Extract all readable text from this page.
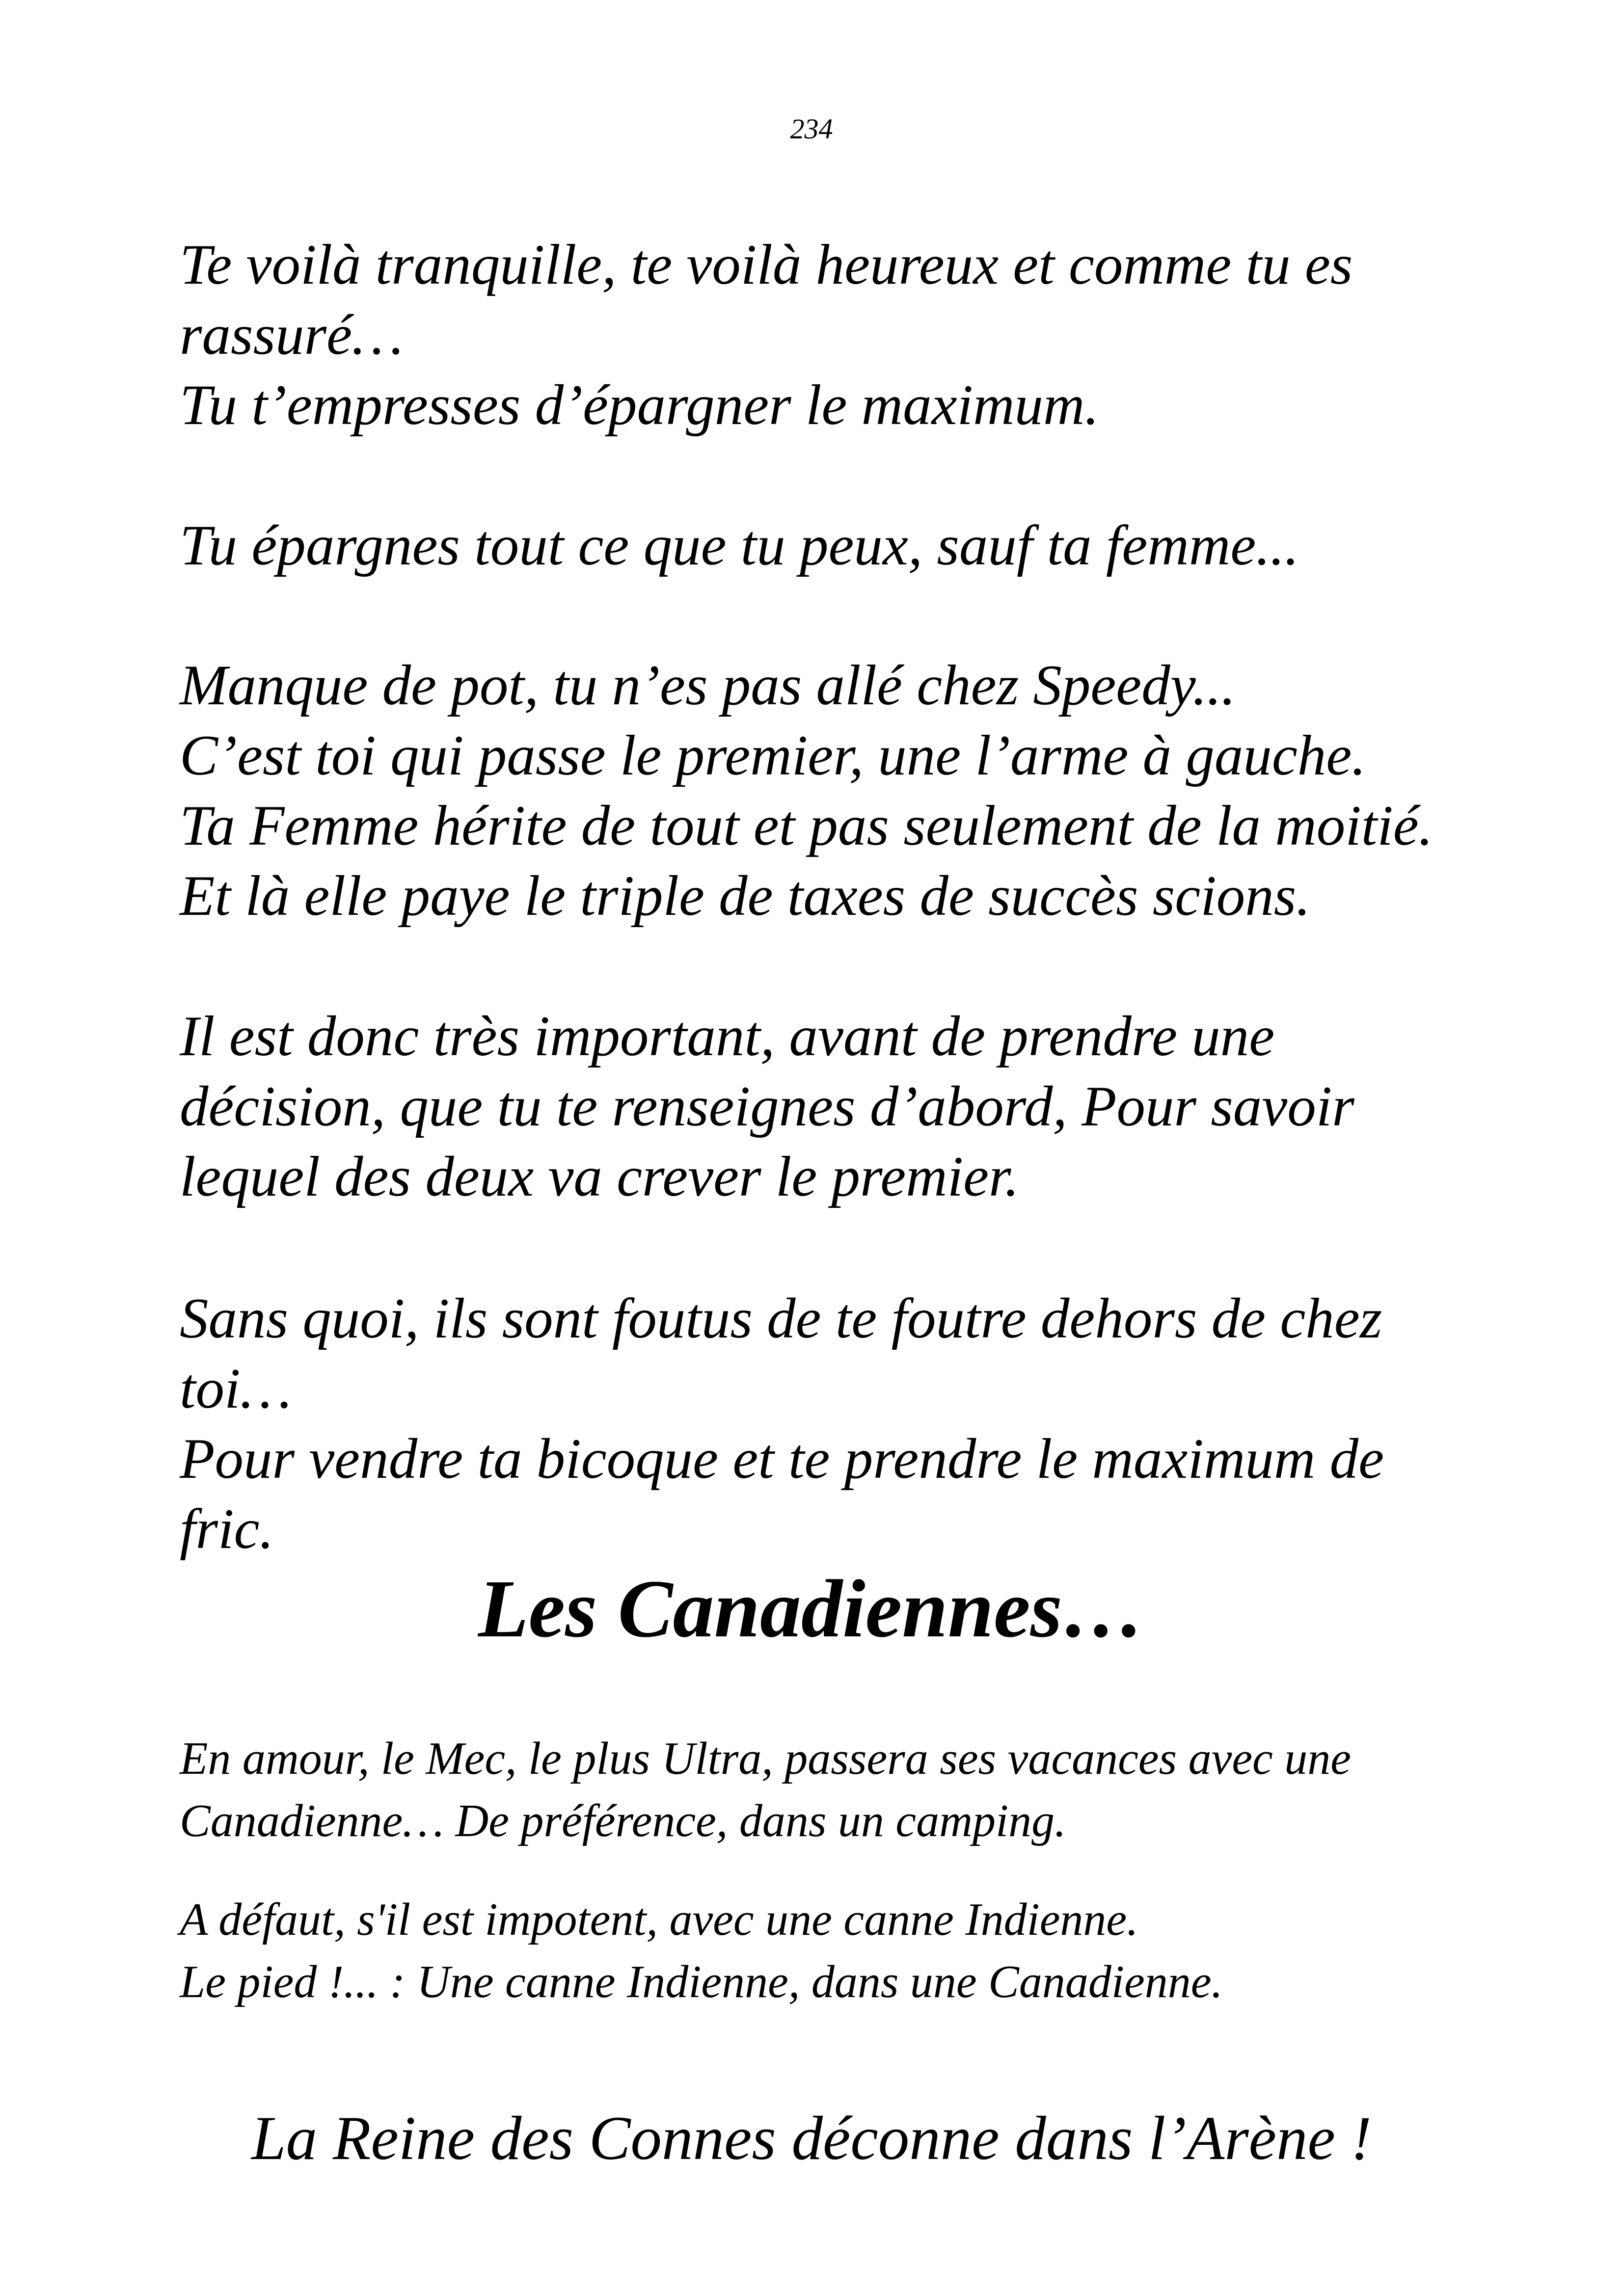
234

Te voilà tranquille, te voilà heureux et comme tu es
rassuré…
Tu t’empresses d’épargner le maximum.

Tu épargnes tout ce que tu peux, sauf ta femme...

Manque de pot, tu n’es pas allé chez Speedy...
C’est toi qui passe le premier, une l’arme à gauche.
Ta Femme hérite de tout et pas seulement de la moitié.
Et là elle paye le triple de taxes de succès scions.

Il est donc très important, avant de prendre une
décision, que tu te renseignes d’abord, Pour savoir
lequel des deux va crever le premier.

Sans quoi, ils sont foutus de te foutre dehors de chez
toi…
Pour vendre ta bicoque et te prendre le maximum de
fric.

Les Canadiennes…

En amour, le Mec, le plus Ultra, passera ses vacances avec une
Canadienne… De préférence, dans un camping.

A défaut, s'il est impotent, avec une canne Indienne.
Le pied !... : Une canne Indienne, dans une Canadienne.

La Reine des Connes déconne dans l’Arène !
